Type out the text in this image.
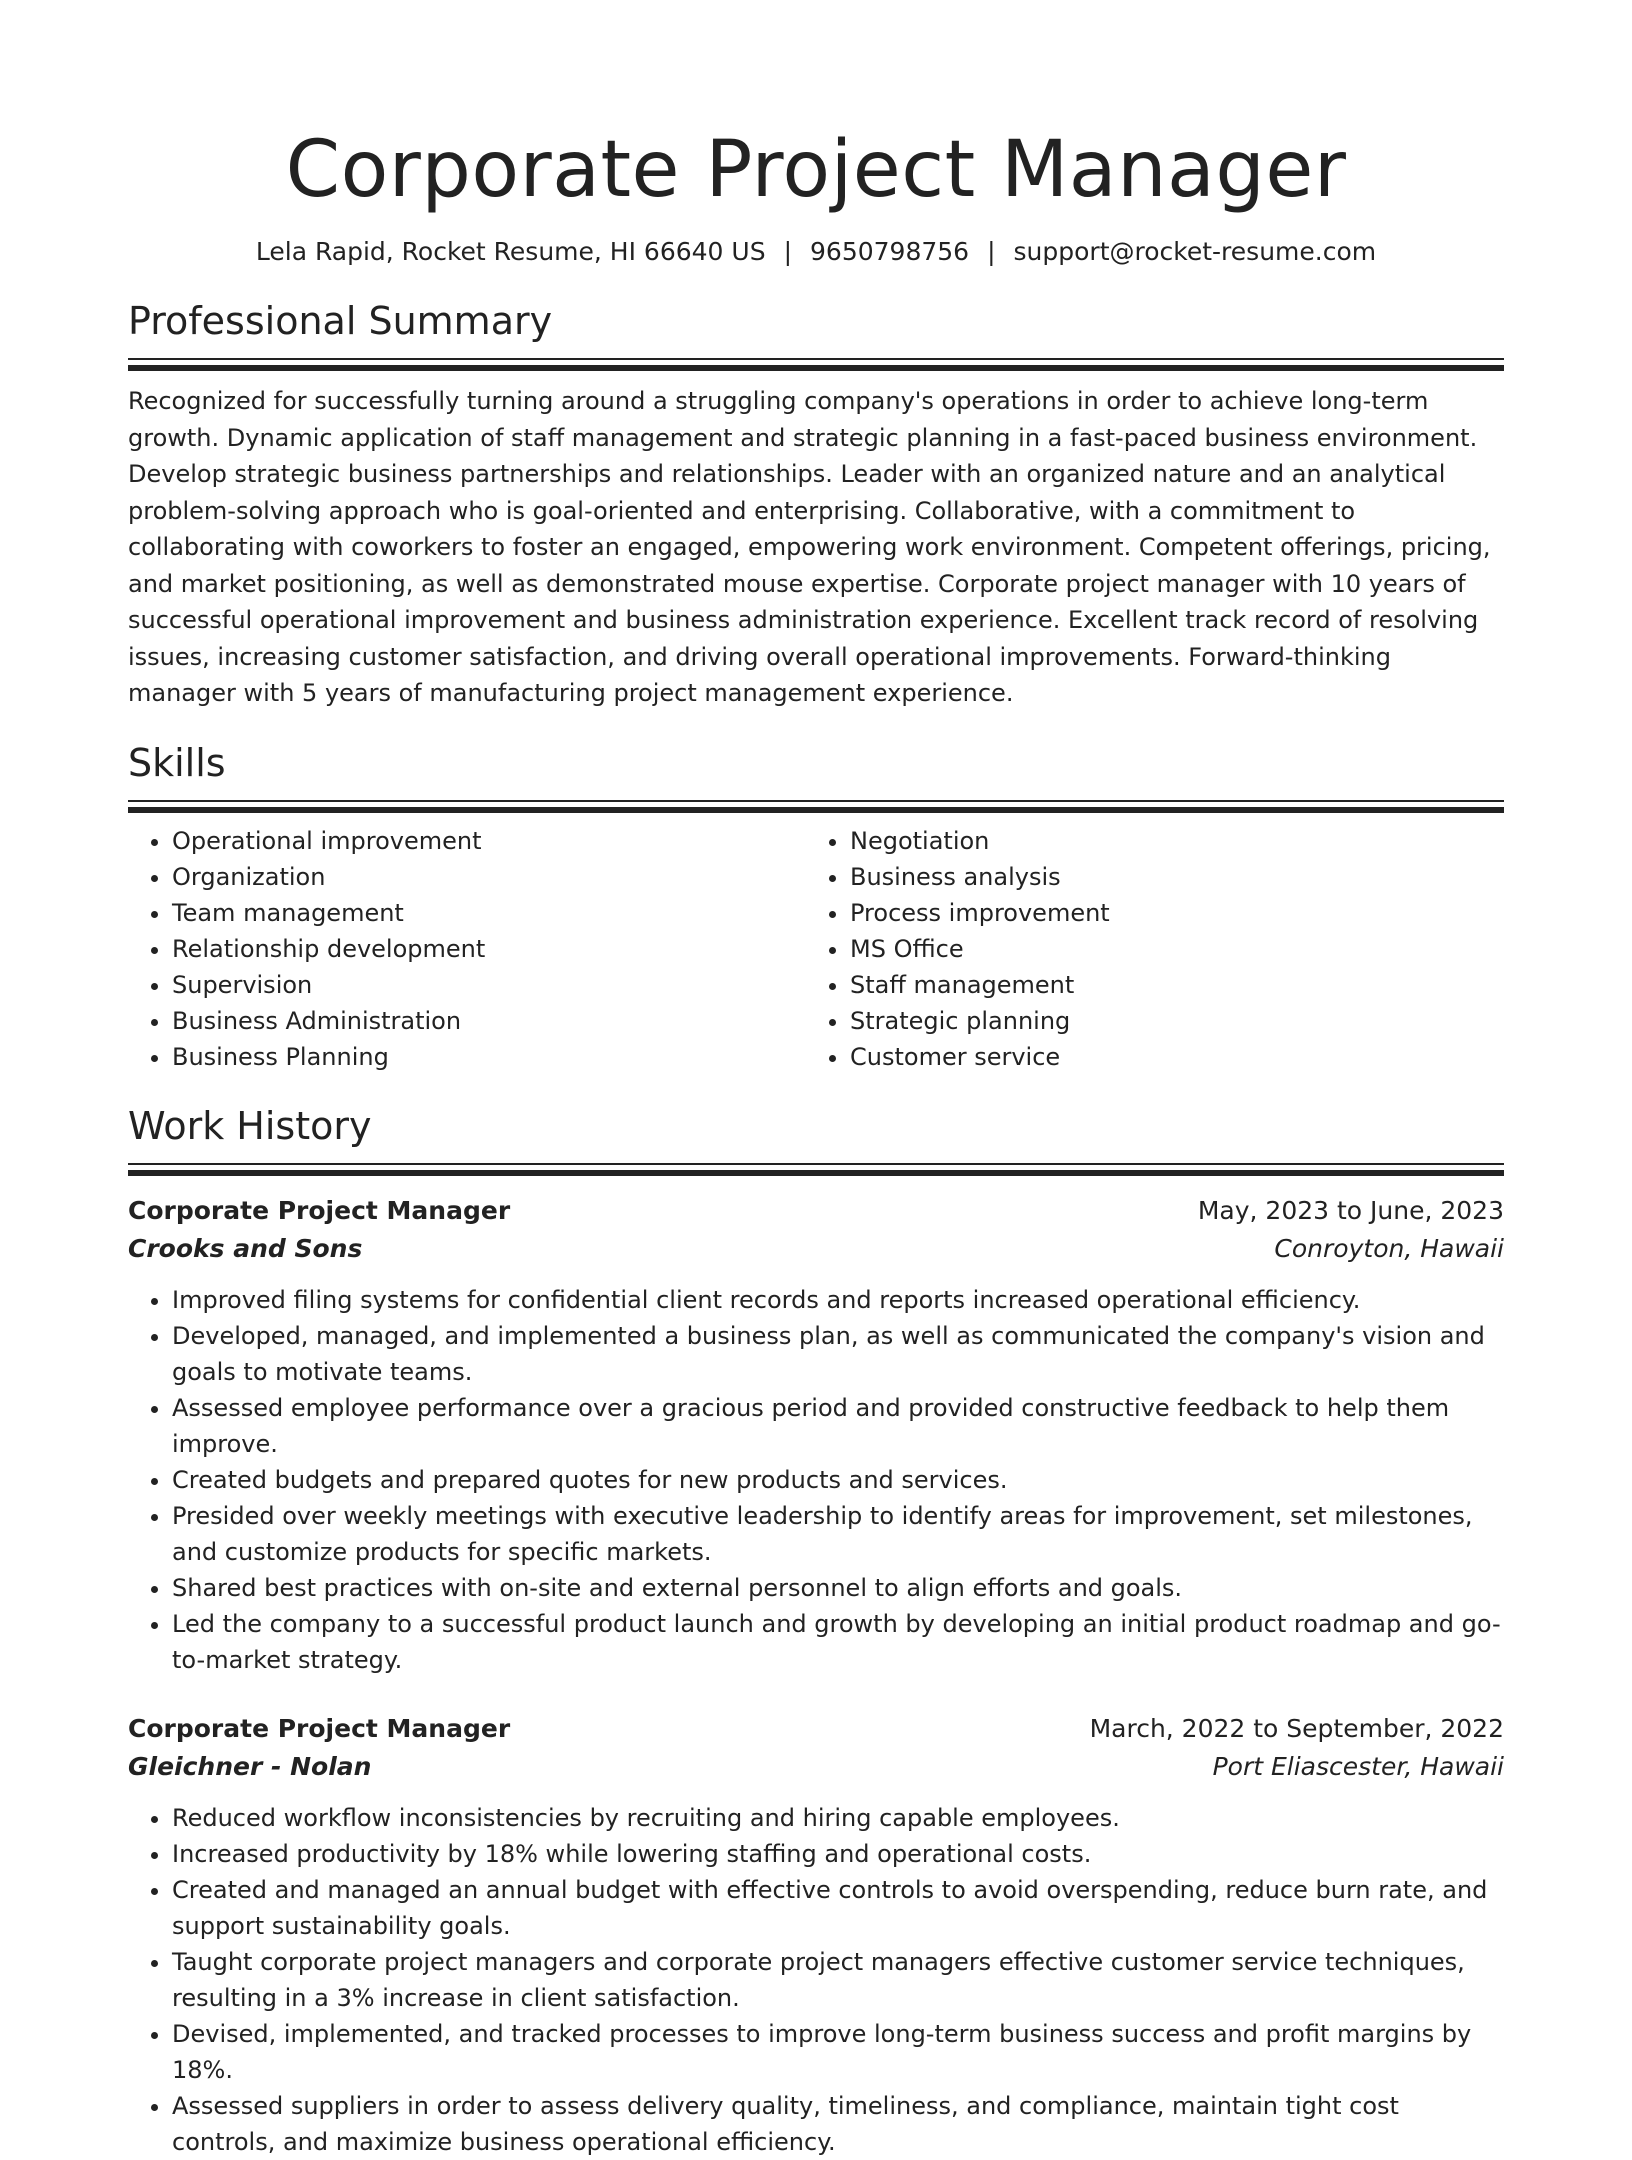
Corporate Project Manager
Lela Rapid, Rocket Resume, HI 66640 US | 9650798756 | support@rocket-resume.com
Professional Summary

Recognized for successfully turning around a struggling company's operations in order to achieve long-term growth. Dynamic application of staff management and strategic planning in a fast-paced business environment. Develop strategic business partnerships and relationships. Leader with an organized nature and an analytical problem-solving approach who is goal-oriented and enterprising. Collaborative, with a commitment to collaborating with coworkers to foster an engaged, empowering work environment. Competent offerings, pricing, and market positioning, as well as demonstrated mouse expertise. Corporate project manager with 10 years of successful operational improvement and business administration experience. Excellent track record of resolving issues, increasing customer satisfaction, and driving overall operational improvements. Forward-thinking manager with 5 years of manufacturing project management experience.

Skills
• Operational improvement
• Organization
• Team management
• Relationship development
• Supervision
• Business Administration
• Business Planning
• Negotiation
• Business analysis
• Process improvement
• MS Office
• Staff management
• Strategic planning
• Customer service
Work History
Corporate Project Manager	May, 2023 to June, 2023
Crooks and Sons	Conroyton, Hawaii
• Improved filing systems for confidential client records and reports increased operational efficiency.
• Developed, managed, and implemented a business plan, as well as communicated the company's vision and goals to motivate teams.
• Assessed employee performance over a gracious period and provided constructive feedback to help them improve.
• Created budgets and prepared quotes for new products and services.
• Presided over weekly meetings with executive leadership to identify areas for improvement, set milestones, and customize products for specific markets.
• Shared best practices with on-site and external personnel to align efforts and goals.
• Led the company to a successful product launch and growth by developing an initial product roadmap and go-to-market strategy.
Corporate Project Manager	March, 2022 to September, 2022
Gleichner - Nolan	Port Eliascester, Hawaii
• Reduced workflow inconsistencies by recruiting and hiring capable employees.
• Increased productivity by 18% while lowering staffing and operational costs.
• Created and managed an annual budget with effective controls to avoid overspending, reduce burn rate, and support sustainability goals.
• Taught corporate project managers and corporate project managers effective customer service techniques, resulting in a 3% increase in client satisfaction.
• Devised, implemented, and tracked processes to improve long-term business success and profit margins by 18%.
• Assessed suppliers in order to assess delivery quality, timeliness, and compliance, maintain tight cost controls, and maximize business operational efficiency.
